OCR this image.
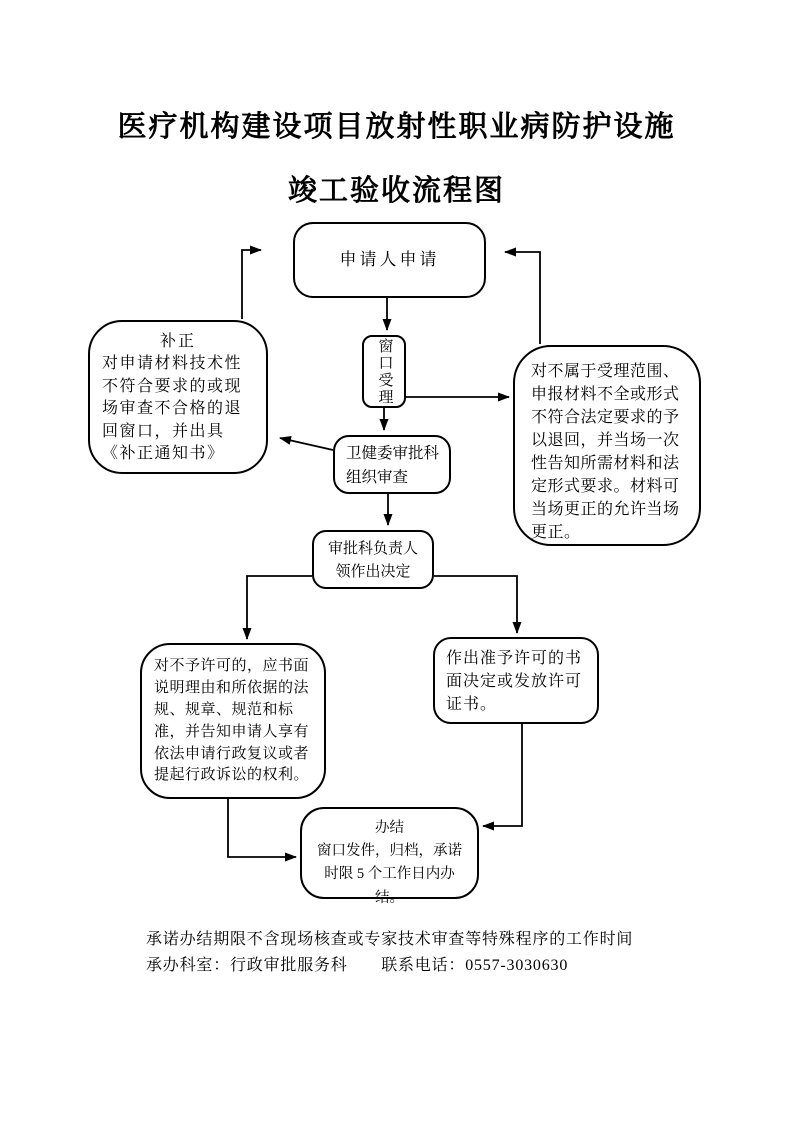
医疗机构建设项目放射性职业病防护设施
竣工验收流程图
申请人申请
补正
对申请材料技术性不符合要求的或现场审查不合格的退回窗口，并出具《补正通知书》
窗口受理	对不属于受理范围、申报材料不全或形式不符合法定要求的予以退回，并当场一次性告知所需材料和法定形式要求。材料可当场更正的允许当场更正。
卫健委审批科组织审查
审批科负责人领作出决定
对不予许可的，应书面说明理由和所依据的法规、规章、规范和标准，并告知申请人享有依法申请行政复议或者提起行政诉讼的权利。
作出准予许可的书面决定或发放许可证书。
办结
窗口发件，归档，承诺时限 5 个工作日内办结。
承诺办结期限不含现场核查或专家技术审查等特殊程序的工作时间
承办科室：行政审批服务科　　联系电话：0557-3030630
